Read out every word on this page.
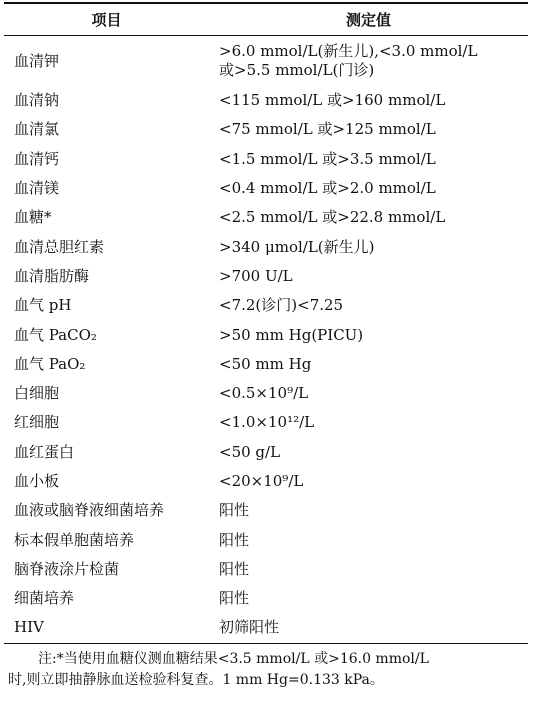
项目	测定值
血清钾	>6.0 mmol/L(新生儿),<3.0 mmol/L
或>5.5 mmol/L(门诊)

血清钠	<115 mmol/L 或>160 mmol/L

血清氯	<75 mmol/L 或>125 mmol/L

血清钙	<1.5 mmol/L 或>3.5 mmol/L

血清镁	<0.4 mmol/L 或>2.0 mmol/L

血糖*	<2.5 mmol/L 或>22.8 mmol/L

血清总胆红素	>340 μmol/L(新生儿)

血清脂肪酶	>700 U/L

血气 pH	<7.2(诊门)<7.25

血气 PaCO₂	>50 mm Hg(PICU)

血气 PaO₂	<50 mm Hg

白细胞	<0.5×10⁹/L

红细胞	<1.0×10¹²/L

血红蛋白	<50 g/L

血小板	<20×10⁹/L

血液或脑脊液细菌培养	阳性

标本假单胞菌培养	阳性

脑脊液涂片检菌	阳性

细菌培养	阳性

HIV	初筛阳性
注:*当使用血糖仪测血糖结果<3.5 mmol/L 或>16.0 mmol/L
时,则立即抽静脉血送检验科复查。1 mm Hg=0.133 kPa。
